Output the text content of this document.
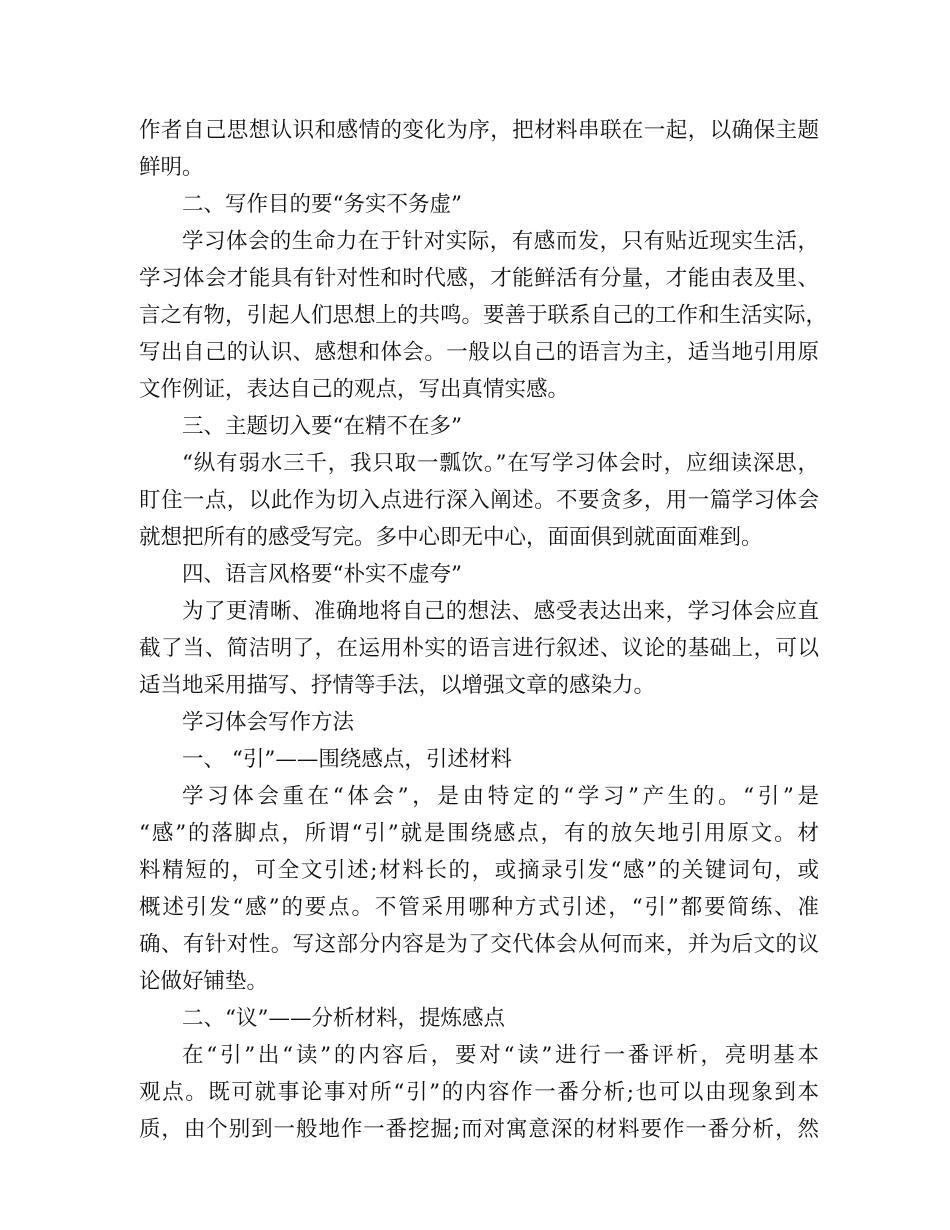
作者自己思想认识和感情的变化为序，把材料串联在一起，以确保主题
鲜明。
二、写作目的要“务实不务虚”
学习体会的生命力在于针对实际，有感而发，只有贴近现实生活，
学习体会才能具有针对性和时代感，才能鲜活有分量，才能由表及里、
言之有物，引起人们思想上的共鸣。要善于联系自己的工作和生活实际，
写出自己的认识、感想和体会。一般以自己的语言为主，适当地引用原
文作例证，表达自己的观点，写出真情实感。
三、主题切入要“在精不在多”
“纵有弱水三千，我只取一瓢饮。”在写学习体会时，应细读深思，
盯住一点，以此作为切入点进行深入阐述。不要贪多，用一篇学习体会
就想把所有的感受写完。多中心即无中心，面面俱到就面面难到。
四、语言风格要“朴实不虚夸”
为了更清晰、准确地将自己的想法、感受表达出来，学习体会应直
截了当、简洁明了，在运用朴实的语言进行叙述、议论的基础上，可以
适当地采用描写、抒情等手法，以增强文章的感染力。
学习体会写作方法
一、 “引”——围绕感点，引述材料
学习体会重在“体会”，是由特定的“学习”产生的。“引”是
“感”的落脚点，所谓“引”就是围绕感点，有的放矢地引用原文。材
料精短的，可全文引述;材料长的，或摘录引发“感”的关键词句，或
概述引发“感”的要点。不管采用哪种方式引述，“引”都要简练、准
确、有针对性。写这部分内容是为了交代体会从何而来，并为后文的议
论做好铺垫。
二、“议”——分析材料，提炼感点
在“引”出“读”的内容后，要对“读”进行一番评析，亮明基本
观点。既可就事论事对所“引”的内容作一番分析;也可以由现象到本
质，由个别到一般地作一番挖掘;而对寓意深的材料要作一番分析，然
